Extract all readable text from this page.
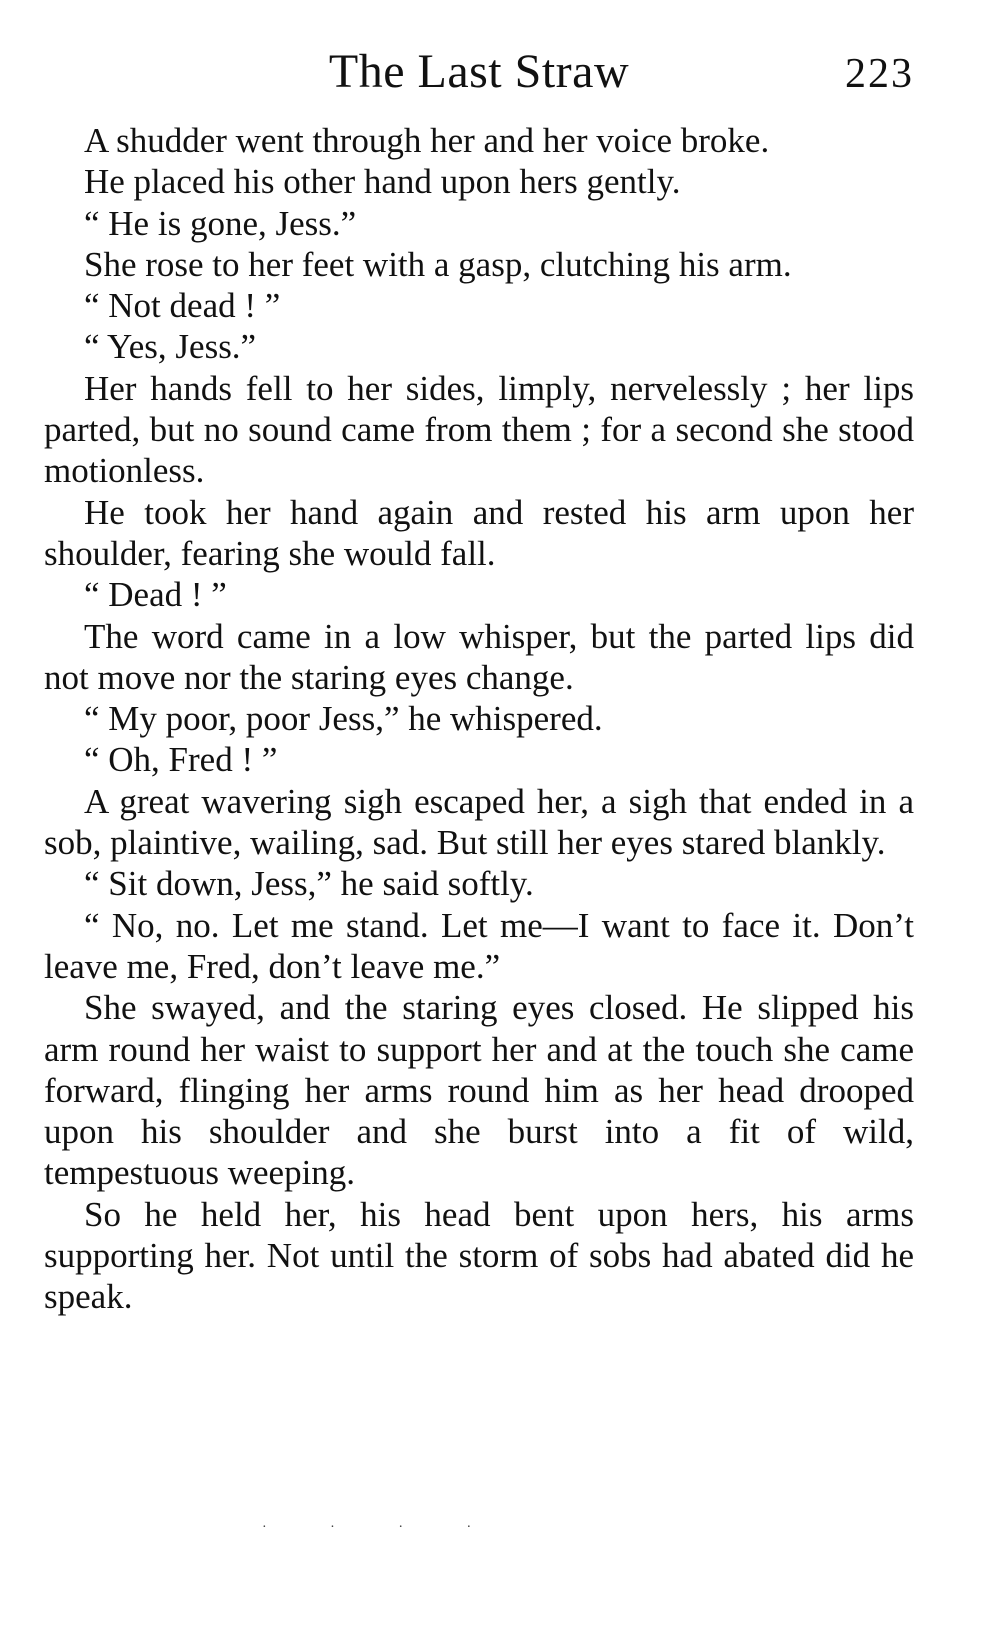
The Last Straw	223

A shudder went through her and her voice broke.

He placed his other hand upon hers gently.

“ He is gone, Jess.”

She rose to her feet with a gasp, clutching his arm.

“ Not dead ! ”

“ Yes, Jess.”

Her hands fell to her sides, limply, nervelessly ; her lips parted, but no sound came from them ; for a second she stood motionless.

He took her hand again and rested his arm upon her shoulder, fearing she would fall.

“ Dead ! ”

The word came in a low whisper, but the parted lips did not move nor the staring eyes change.

“ My poor, poor Jess,” he whispered.

“ Oh, Fred ! ”

A great wavering sigh escaped her, a sigh that ended in a sob, plaintive, wailing, sad. But still her eyes stared blankly.

“ Sit down, Jess,” he said softly.

“ No, no. Let me stand. Let me—I want to face it. Don’t leave me, Fred, don’t leave me.”

She swayed, and the staring eyes closed. He slipped his arm round her waist to support her and at the touch she came forward, flinging her arms round him as her head drooped upon his shoulder and she burst into a fit of wild, tempestuous weeping.

So he held her, his head bent upon hers, his arms supporting her. Not until the storm of sobs had abated did he speak.

· · · ·
